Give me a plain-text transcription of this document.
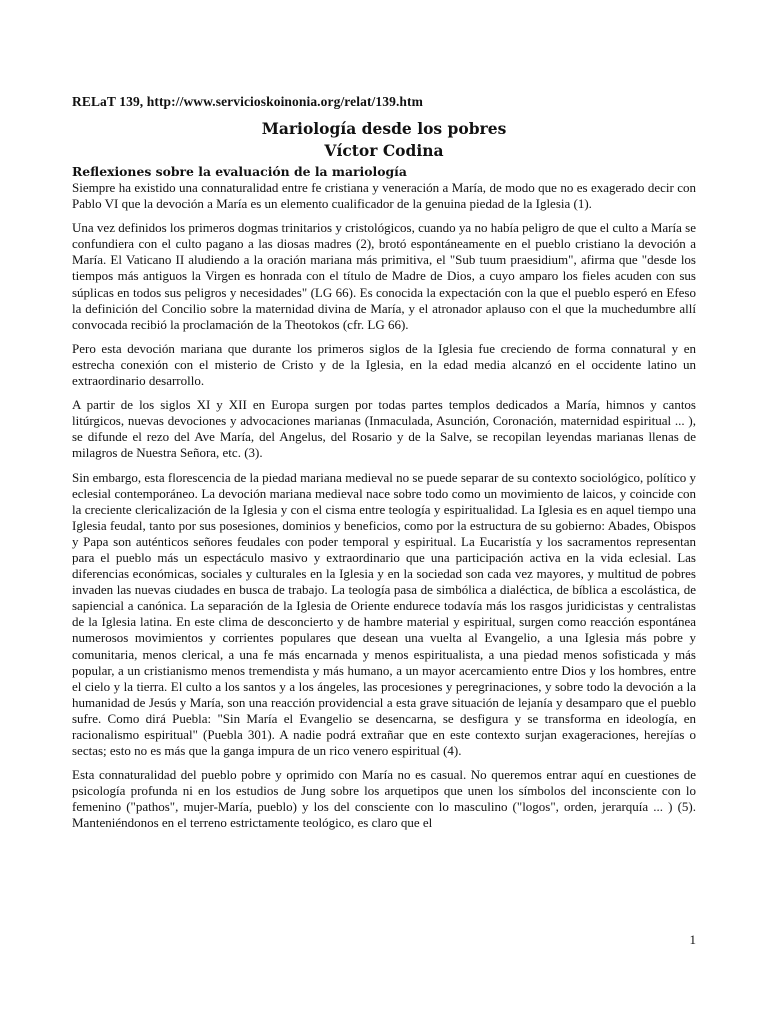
RELaT 139, http://www.servicioskoinonia.org/relat/139.htm
Mariología desde los pobres
Víctor Codina

Reflexiones sobre la evaluación de la mariología

Siempre ha existido una connaturalidad entre fe cristiana y veneración a María, de modo que no es exagerado decir con Pablo VI que la devoción a María es un elemento cualificador de la genuina piedad de la Iglesia (1).

Una vez definidos los primeros dogmas trinitarios y cristológicos, cuando ya no había peligro de que el culto a María se confundiera con el culto pagano a las diosas madres (2), brotó espontáneamente en el pueblo cristiano la devoción a María. El Vaticano II aludiendo a la oración mariana más primitiva, el "Sub tuum praesidium", afirma que "desde los tiempos más antiguos la Virgen es honrada con el título de Madre de Dios, a cuyo amparo los fieles acuden con sus súplicas en todos sus peligros y necesidades" (LG 66). Es conocida la expectación con la que el pueblo esperó en Efeso la definición del Concilio sobre la maternidad divina de María, y el atronador aplauso con el que la muchedumbre allí convocada recibió la proclamación de la Theotokos (cfr. LG 66).

Pero esta devoción mariana que durante los primeros siglos de la Iglesia fue creciendo de forma connatural y en estrecha conexión con el misterio de Cristo y de la Iglesia, en la edad media alcanzó en el occidente latino un extraordinario desarrollo.

A partir de los siglos XI y XII en Europa surgen por todas partes templos dedicados a María, himnos y cantos litúrgicos, nuevas devociones y advocaciones marianas (Inmaculada, Asunción, Coronación, maternidad espiritual ... ), se difunde el rezo del Ave María, del Angelus, del Rosario y de la Salve, se recopilan leyendas marianas llenas de milagros de Nuestra Señora, etc. (3).

Sin embargo, esta florescencia de la piedad mariana medieval no se puede separar de su contexto sociológico, político y eclesial contemporáneo. La devoción mariana medieval nace sobre todo como un movimiento de laicos, y coincide con la creciente clericalización de la Iglesia y con el cisma entre teología y espiritualidad. La Iglesia es en aquel tiempo una Iglesia feudal, tanto por sus posesiones, dominios y beneficios, como por la estructura de su gobierno: Abades, Obispos y Papa son auténticos señores feudales con poder temporal y espiritual. La Eucaristía y los sacramentos representan para el pueblo más un espectáculo masivo y extraordinario que una participación activa en la vida eclesial. Las diferencias económicas, sociales y culturales en la Iglesia y en la sociedad son cada vez mayores, y multitud de pobres invaden las nuevas ciudades en busca de trabajo. La teología pasa de simbólica a dialéctica, de bíblica a escolástica, de sapiencial a canónica. La separación de la Iglesia de Oriente endurece todavía más los rasgos juridicistas y centralistas de la Iglesia latina. En este clima de desconcierto y de hambre material y espiritual, surgen como reacción espontánea numerosos movimientos y corrientes populares que desean una vuelta al Evangelio, a una Iglesia más pobre y comunitaria, menos clerical, a una fe más encarnada y menos espiritualista, a una piedad menos sofisticada y más popular, a un cristianismo menos tremendista y más humano, a un mayor acercamiento entre Dios y los hombres, entre el cielo y la tierra. El culto a los santos y a los ángeles, las procesiones y peregrinaciones, y sobre todo la devoción a la humanidad de Jesús y María, son una reacción providencial a esta grave situación de lejanía y desamparo que el pueblo sufre. Como dirá Puebla: "Sin María el Evangelio se desencarna, se desfigura y se transforma en ideología, en racionalismo espiritual" (Puebla 301). A nadie podrá extrañar que en este contexto surjan exageraciones, herejías o sectas; esto no es más que la ganga impura de un rico venero espiritual (4).

Esta connaturalidad del pueblo pobre y oprimido con María no es casual. No queremos entrar aquí en cuestiones de psicología profunda ni en los estudios de Jung sobre los arquetipos que unen los símbolos del inconsciente con lo femenino ("pathos", mujer-María, pueblo) y los del consciente con lo masculino ("logos", orden, jerarquía ... ) (5). Manteniéndonos en el terreno estrictamente teológico, es claro que el

1
